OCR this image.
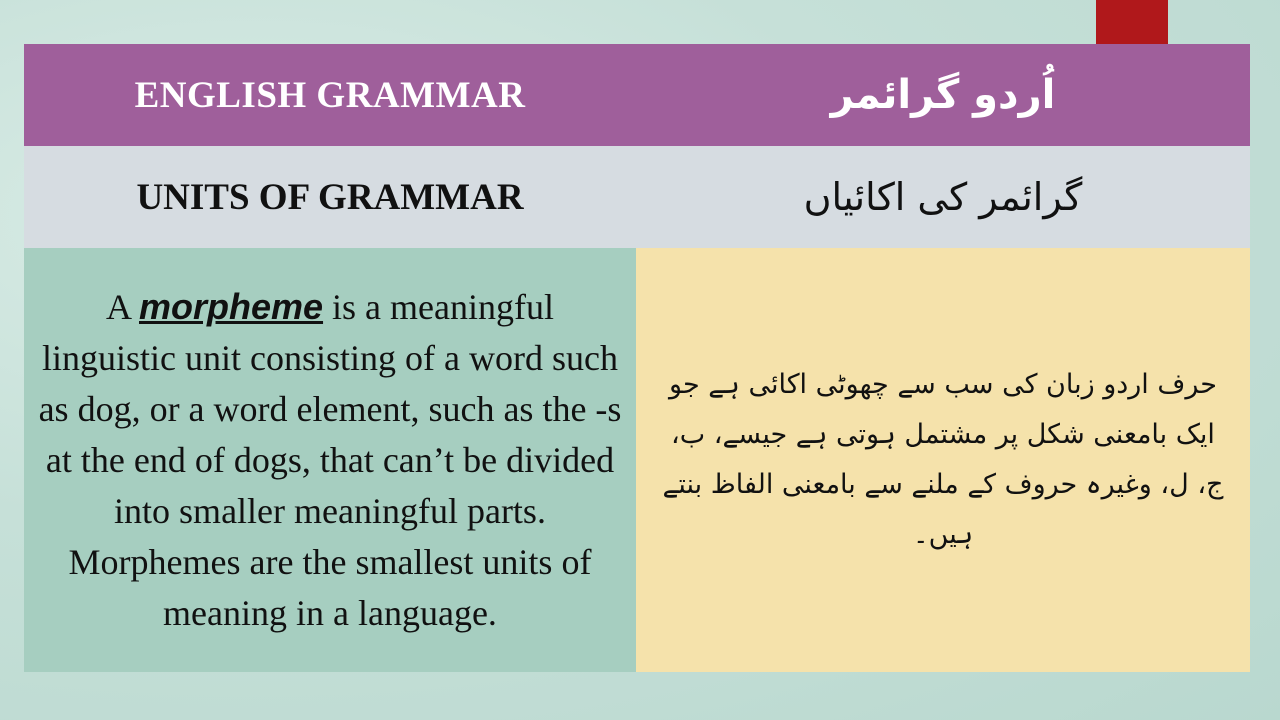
ENGLISH GRAMMAR	اُردو گرائمر
UNITS OF GRAMMAR	گرائمر کی اکائیاں

A morpheme is a meaningful linguistic unit consisting of a word such as dog, or a word element, such as the -s at the end of dogs, that can’t be divided into smaller meaningful parts. Morphemes are the smallest units of meaning in a language.

حرف اردو زبان کی سب سے چھوٹی اکائی ہے جو ایک بامعنی شکل پر مشتمل ہوتی ہے جیسے، ب، ج، ل، وغیرہ حروف کے ملنے سے بامعنی الفاظ بنتے ہیں۔
